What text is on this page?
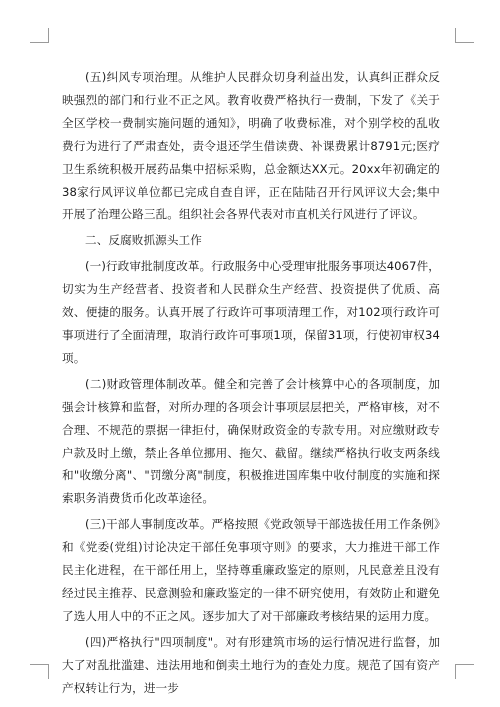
(五)纠风专项治理。从维护人民群众切身利益出发，认真纠正群众反映强烈的部门和行业不正之风。教育收费严格执行一费制，下发了《关于全区学校一费制实施问题的通知》，明确了收费标准，对个别学校的乱收费行为进行了严肃查处，责令退还学生借读费、补课费累计8791元;医疗卫生系统积极开展药品集中招标采购，总金额达XX元。20xx年初确定的38家行风评议单位都已完成自查自评，正在陆陆召开行风评议大会;集中开展了治理公路三乱。组织社会各界代表对市直机关行风进行了评议。

二、反腐败抓源头工作

(一)行政审批制度改革。行政服务中心受理审批服务事项达4067件，切实为生产经营者、投资者和人民群众生产经营、投资提供了优质、高效、便捷的服务。认真开展了行政许可事项清理工作，对102项行政许可事项进行了全面清理，取消行政许可事项1项，保留31项，行使初审权34项。

(二)财政管理体制改革。健全和完善了会计核算中心的各项制度，加强会计核算和监督，对所办理的各项会计事项层层把关，严格审核，对不合理、不规范的票据一律拒付，确保财政资金的专款专用。对应缴财政专户款及时上缴，禁止各单位挪用、拖欠、截留。继续严格执行收支两条线和"收缴分离"、"罚缴分离"制度，积极推进国库集中收付制度的实施和探索职务消费货币化改革途径。

(三)干部人事制度改革。严格按照《党政领导干部选拔任用工作条例》和《党委(党组)讨论决定干部任免事项守则》的要求，大力推进干部工作民主化进程，在干部任用上，坚持尊重廉政鉴定的原则，凡民意差且没有经过民主推荐、民意测验和廉政鉴定的一律不研究使用，有效防止和避免了选人用人中的不正之风。逐步加大了对干部廉政考核结果的运用力度。

(四)严格执行"四项制度"。对有形建筑市场的运行情况进行监督，加大了对乱批滥建、违法用地和倒卖土地行为的查处力度。规范了国有资产产权转让行为，进一步
